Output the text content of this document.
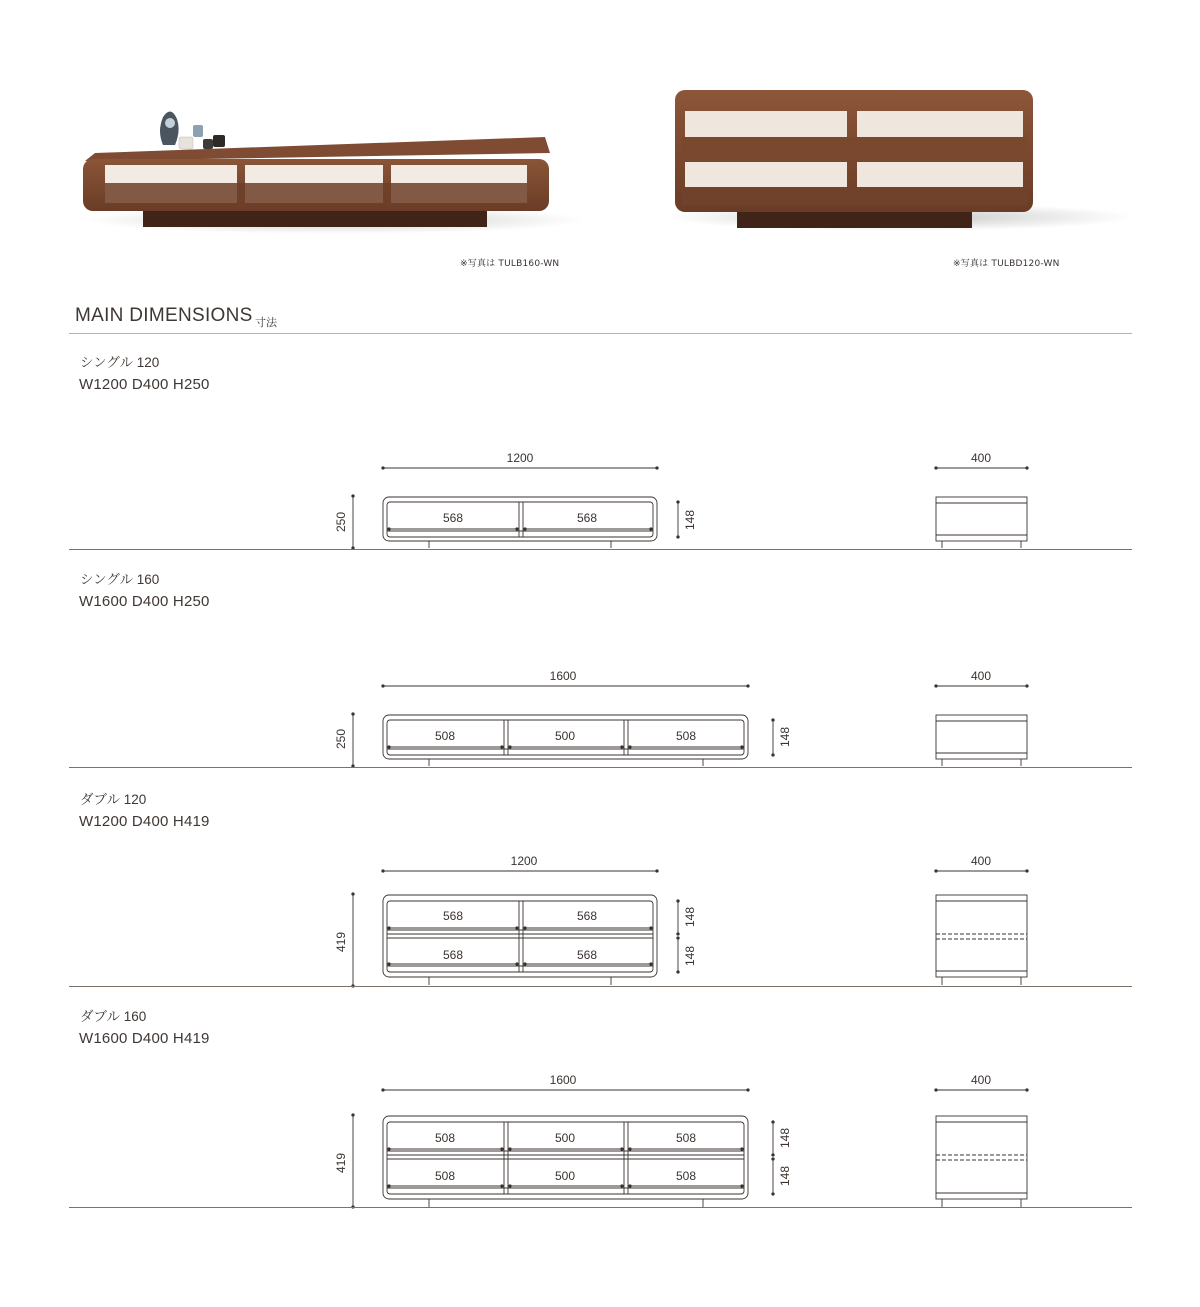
※写真は TULB160-WN	※写真は TULBD120-WN
MAIN DIMENSIONS 寸法
シングル 120
W1200 D400 H250
1200
250	568	568	148
400
シングル 160
W1600 D400 H250
1600
250	508	500	508	148
400
ダブル 120
W1200 D400 H419
1200
419
568	568
568	568
148
148
400
ダブル 160
W1600 D400 H419
1600
419
508	500	508
508	500	508
148
148
400
